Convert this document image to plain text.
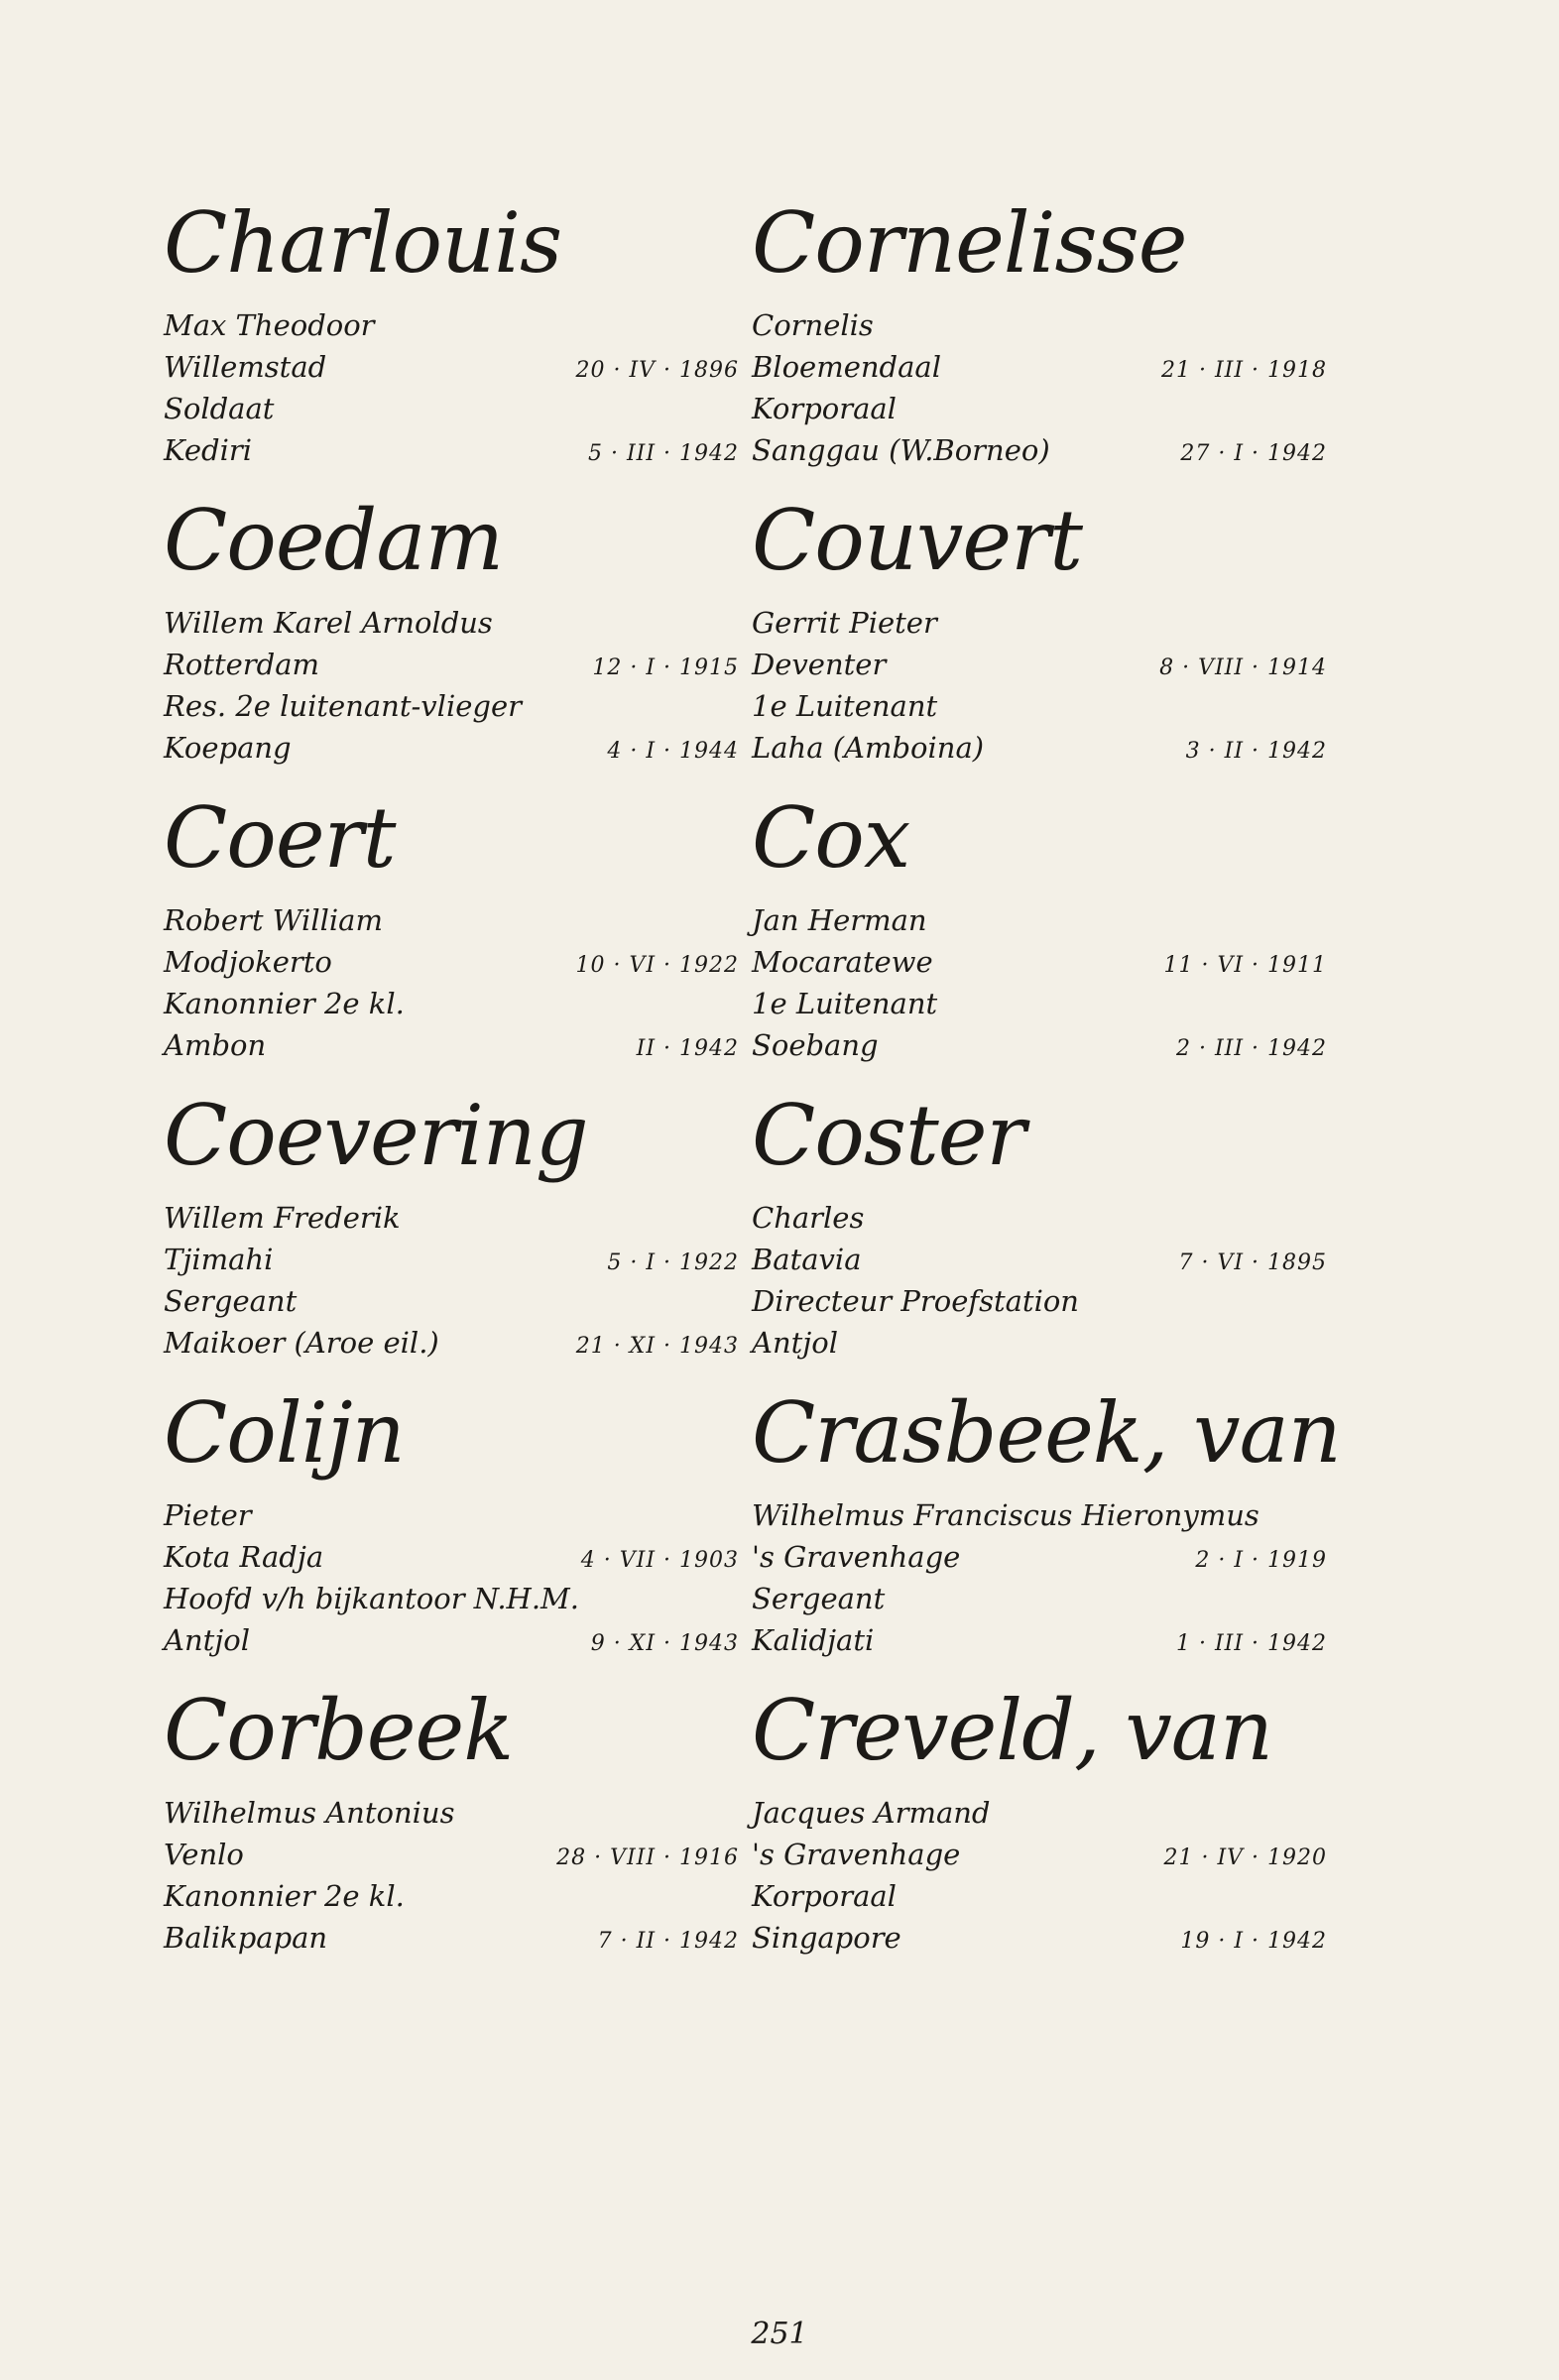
Charlouis
Max Theodoor
Willemstad	20 · IV · 1896
Soldaat
Kediri	5 · III · 1942
Coedam
Willem Karel Arnoldus
Rotterdam	12 · I · 1915
Res. 2e luitenant-vlieger
Koepang	4 · I · 1944
Coert
Robert William
Modjokerto	10 · VI · 1922
Kanonnier 2e kl.
Ambon	II · 1942
Coevering
Willem Frederik
Tjimahi	5 · I · 1922
Sergeant
Maikoer (Aroe eil.)	21 · XI · 1943
Colijn
Pieter
Kota Radja	4 · VII · 1903
Hoofd v/h bijkantoor N.H.M.
Antjol	9 · XI · 1943
Corbeek
Wilhelmus Antonius
Venlo	28 · VIII · 1916
Kanonnier 2e kl.
Balikpapan	7 · II · 1942
Cornelisse
Cornelis
Bloemendaal	21 · III · 1918
Korporaal
Sanggau (W.Borneo)	27 · I · 1942
Couvert
Gerrit Pieter
Deventer	8 · VIII · 1914
1e Luitenant
Laha (Amboina)	3 · II · 1942
Cox
Jan Herman
Mocaratewe	11 · VI · 1911
1e Luitenant
Soebang	2 · III · 1942
Coster
Charles
Batavia	7 · VI · 1895
Directeur Proefstation
Antjol
Crasbeek, van
Wilhelmus Franciscus Hieronymus
's Gravenhage	2 · I · 1919
Sergeant
Kalidjati	1 · III · 1942
Creveld, van
Jacques Armand
's Gravenhage	21 · IV · 1920
Korporaal
Singapore	19 · I · 1942
251
